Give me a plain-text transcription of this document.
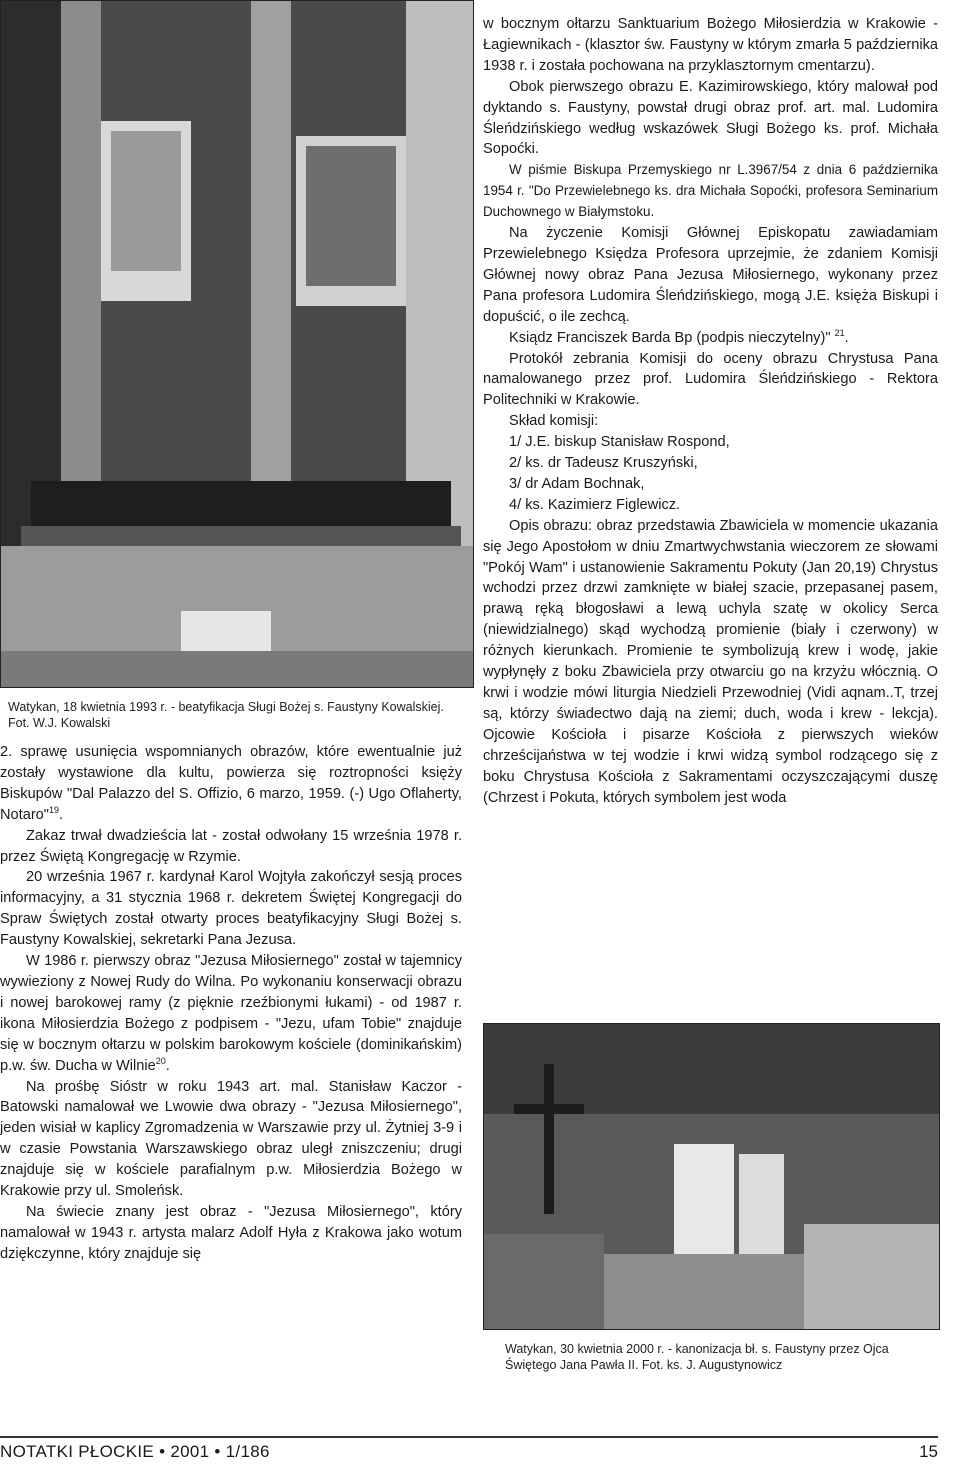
Watykan, 18 kwietnia 1993 r. - beatyfikacja Sługi Bożej s. Faustyny Kowalskiej. Fot. W.J. Kowalski

2. sprawę usunięcia wspomnianych obrazów, które ewentualnie już zostały wystawione dla kultu, powierza się roztropności księży Biskupów "Dal Palazzo del S. Offizio, 6 marzo, 1959. (-) Ugo Oflaherty, Notaro"$^{19}$.

Zakaz trwał dwadzieścia lat - został odwołany 15 września 1978 r. przez Świętą Kongregację w Rzymie.

20 września 1967 r. kardynał Karol Wojtyła zakończył sesją proces informacyjny, a 31 stycznia 1968 r. dekretem Świętej Kongregacji do Spraw Świętych został otwarty proces beatyfikacyjny Sługi Bożej s. Faustyny Kowalskiej, sekretarki Pana Jezusa.

W 1986 r. pierwszy obraz "Jezusa Miłosiernego" został w tajemnicy wywieziony z Nowej Rudy do Wilna. Po wykonaniu konserwacji obrazu i nowej barokowej ramy (z pięknie rzeźbionymi łukami) - od 1987 r. ikona Miłosierdzia Bożego z podpisem - "Jezu, ufam Tobie" znajduje się w bocznym ołtarzu w polskim barokowym kościele (dominikańskim) p.w. św. Ducha w Wilnie$^{20}$.

Na prośbę Sióstr w roku 1943 art. mal. Stanisław Kaczor - Batowski namalował we Lwowie dwa obrazy - "Jezusa Miłosiernego", jeden wisiał w kaplicy Zgromadzenia w Warszawie przy ul. Żytniej 3-9 i w czasie Powstania Warszawskiego obraz uległ zniszczeniu; drugi znajduje się w kościele parafialnym p.w. Miłosierdzia Bożego w Krakowie przy ul. Smoleńsk.

Na świecie znany jest obraz - "Jezusa Miłosiernego", który namalował w 1943 r. artysta malarz Adolf Hyła z Krakowa jako wotum dziękczynne, który znajduje się

w bocznym ołtarzu Sanktuarium Bożego Miłosierdzia w Krakowie - Łagiewnikach - (klasztor św. Faustyny w którym zmarła 5 października 1938 r. i została pochowana na przyklasztornym cmentarzu).

Obok pierwszego obrazu E. Kazimirowskiego, który malował pod dyktando s. Faustyny, powstał drugi obraz prof. art. mal. Ludomira Śleńdzińskiego według wskazówek Sługi Bożego ks. prof. Michała Sopoćki.

W piśmie Biskupa Przemyskiego nr L.3967/54 z dnia 6 października 1954 r. "Do Przewielebnego ks. dra Michała Sopoćki, profesora Seminarium Duchownego w Białymstoku.

Na życzenie Komisji Głównej Episkopatu zawiadamiam Przewielebnego Księdza Profesora uprzejmie, że zdaniem Komisji Głównej nowy obraz Pana Jezusa Miłosiernego, wykonany przez Pana profesora Ludomira Śleńdzińskiego, mogą J.E. księża Biskupi i dopuścić, o ile zechcą.

Ksiądz Franciszek Barda Bp (podpis nieczytelny)" $^{21}$.

Protokół zebrania Komisji do oceny obrazu Chrystusa Pana namalowanego przez prof. Ludomira Śleńdzińskiego - Rektora Politechniki w Krakowie.

Skład komisji:

1/ J.E. biskup Stanisław Rospond,
2/ ks. dr Tadeusz Kruszyński,
3/ dr Adam Bochnak,
4/ ks. Kazimierz Figlewicz.

Opis obrazu: obraz przedstawia Zbawiciela w momencie ukazania się Jego Apostołom w dniu Zmartwychwstania wieczorem ze słowami "Pokój Wam" i ustanowienie Sakramentu Pokuty (Jan 20,19) Chrystus wchodzi przez drzwi zamknięte w białej szacie, przepasanej pasem, prawą ręką błogosławi a lewą uchyla szatę w okolicy Serca (niewidzialnego) skąd wychodzą promienie (biały i czerwony) w różnych kierunkach. Promienie te symbolizują krew i wodę, jakie wypłynęły z boku Zbawiciela przy otwarciu go na krzyżu włócznią. O krwi i wodzie mówi liturgia Niedzieli Przewodniej (Vidi aqnam..T, trzej są, którzy świadectwo dają na ziemi; duch, woda i krew - lekcja). Ojcowie Kościoła i pisarze Kościoła z pierwszych wieków chrześcijaństwa w tej wodzie i krwi widzą symbol rodzącego się z boku Chrystusa Kościoła z Sakramentami oczyszczającymi duszę (Chrzest i Pokuta, których symbolem jest woda

Watykan, 30 kwietnia 2000 r. - kanonizacja bł. s. Faustyny przez Ojca Świętego Jana Pawła II. Fot. ks. J. Augustynowicz
NOTATKI PŁOCKIE • 2001 • 1/186	15
